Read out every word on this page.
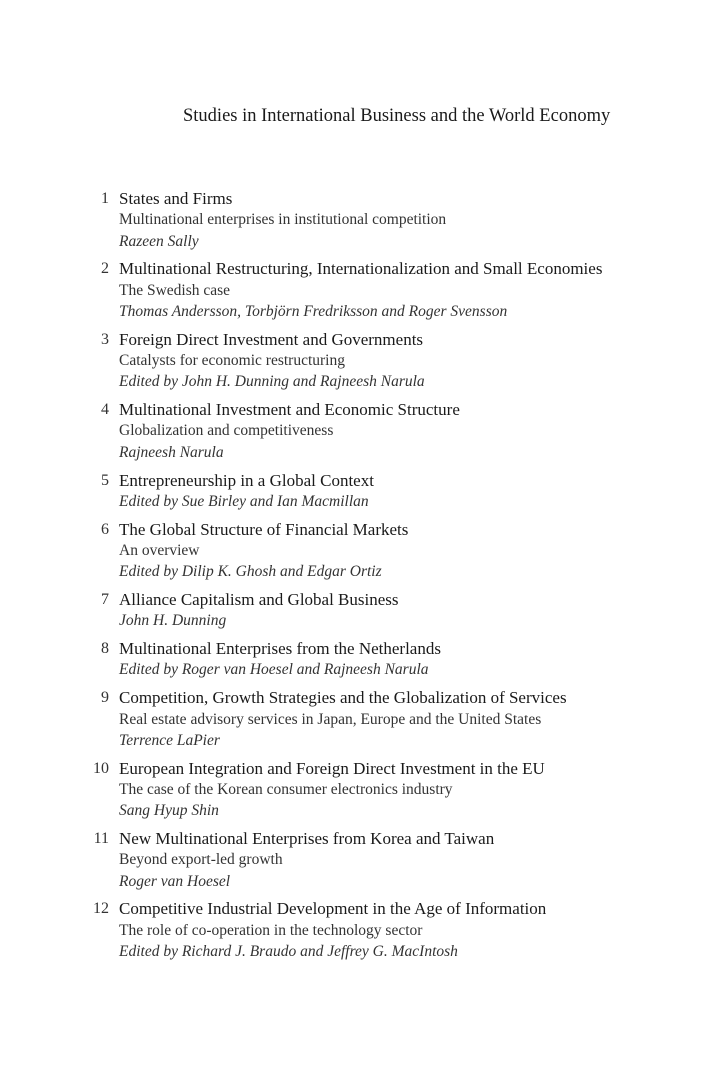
Studies in International Business and the World Economy
1 States and Firms
Multinational enterprises in institutional competition
Razeen Sally
2 Multinational Restructuring, Internationalization and Small Economies
The Swedish case
Thomas Andersson, Torbjörn Fredriksson and Roger Svensson
3 Foreign Direct Investment and Governments
Catalysts for economic restructuring
Edited by John H. Dunning and Rajneesh Narula
4 Multinational Investment and Economic Structure
Globalization and competitiveness
Rajneesh Narula
5 Entrepreneurship in a Global Context
Edited by Sue Birley and Ian Macmillan
6 The Global Structure of Financial Markets
An overview
Edited by Dilip K. Ghosh and Edgar Ortiz
7 Alliance Capitalism and Global Business
John H. Dunning
8 Multinational Enterprises from the Netherlands
Edited by Roger van Hoesel and Rajneesh Narula
9 Competition, Growth Strategies and the Globalization of Services
Real estate advisory services in Japan, Europe and the United States
Terrence LaPier
10 European Integration and Foreign Direct Investment in the EU
The case of the Korean consumer electronics industry
Sang Hyup Shin
11 New Multinational Enterprises from Korea and Taiwan
Beyond export-led growth
Roger van Hoesel
12 Competitive Industrial Development in the Age of Information
The role of co-operation in the technology sector
Edited by Richard J. Braudo and Jeffrey G. MacIntosh
